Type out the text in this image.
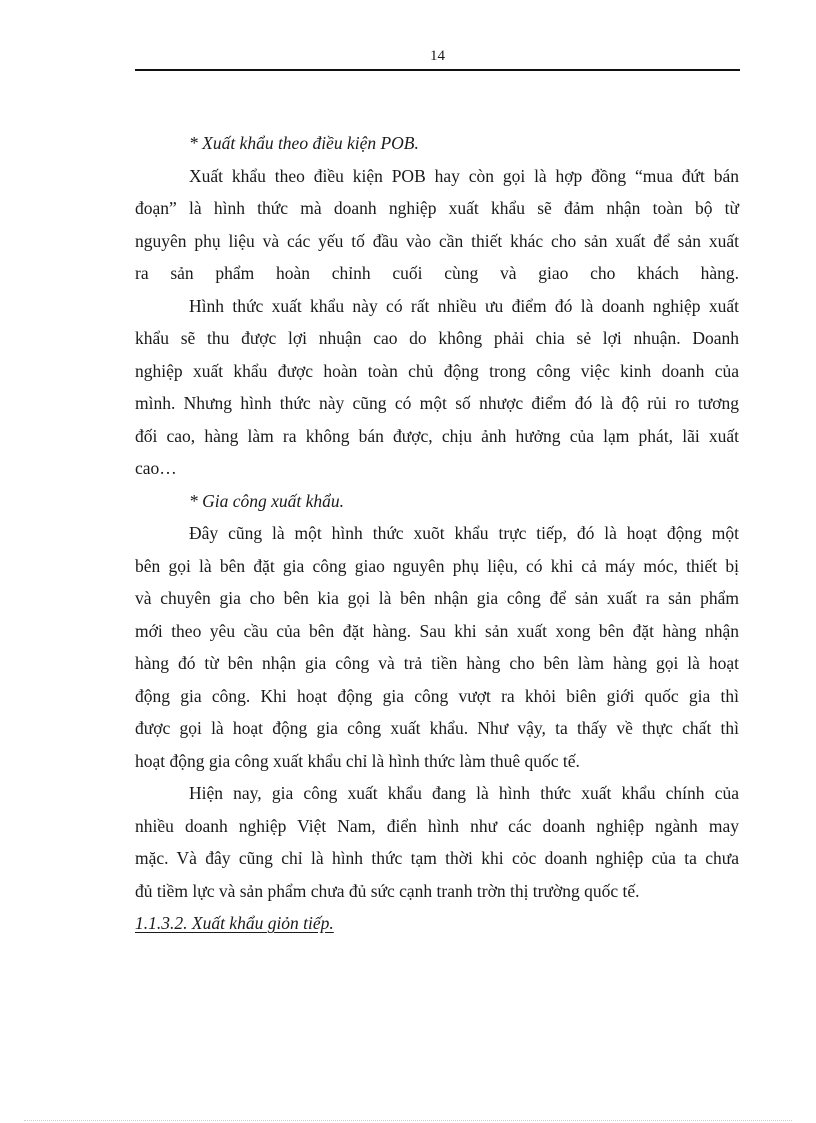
14
* Xuất khẩu theo điều kiện POB.
Xuất khẩu theo điều kiện POB hay còn gọi là hợp đồng “mua đứt bán
đoạn” là hình thức mà doanh nghiệp xuất khẩu sẽ đảm nhận toàn bộ từ
nguyên phụ liệu và các yếu tố đầu vào cần thiết khác cho sản xuất để sản xuất
ra sản phẩm hoàn chỉnh cuối cùng và giao cho khách hàng.
Hình thức xuất khẩu này có rất nhiều ưu điểm đó là doanh nghiệp xuất
khẩu sẽ thu được lợi nhuận cao do không phải chia sẻ lợi nhuận. Doanh
nghiệp xuất khẩu được hoàn toàn chủ động trong công việc kinh doanh của
mình. Nhưng hình thức này cũng có một số nhược điểm đó là độ rủi ro tương
đối cao, hàng làm ra không bán được, chịu ảnh hưởng của lạm phát, lãi xuất
cao…
* Gia công xuất khẩu.
Đây cũng là một hình thức xuõt khẩu trực tiếp, đó là hoạt động một
bên gọi là bên đặt gia công giao nguyên phụ liệu, có khi cả máy móc, thiết bị
và chuyên gia cho bên kia gọi là bên nhận gia công để sản xuất ra sản phẩm
mới theo yêu cầu của bên đặt hàng. Sau khi sản xuất xong bên đặt hàng nhận
hàng đó từ bên nhận gia công và trả tiền hàng cho bên làm hàng gọi là hoạt
động gia công. Khi hoạt động gia công vượt ra khỏi biên giới quốc gia thì
được gọi là hoạt động gia công xuất khẩu. Như vậy, ta thấy về thực chất thì
hoạt động gia công xuất khẩu chỉ là hình thức làm thuê quốc tế.
Hiện nay, gia công xuất khẩu đang là hình thức xuất khẩu chính của
nhiều doanh nghiệp Việt Nam, điển hình như các doanh nghiệp ngành may
mặc. Và đây cũng chỉ là hình thức tạm thời khi cỏc doanh nghiệp của ta chưa
đủ tiềm lực và sản phẩm chưa đủ sức cạnh tranh trờn thị trường quốc tế.
1.1.3.2. Xuất khẩu giỏn tiếp.
